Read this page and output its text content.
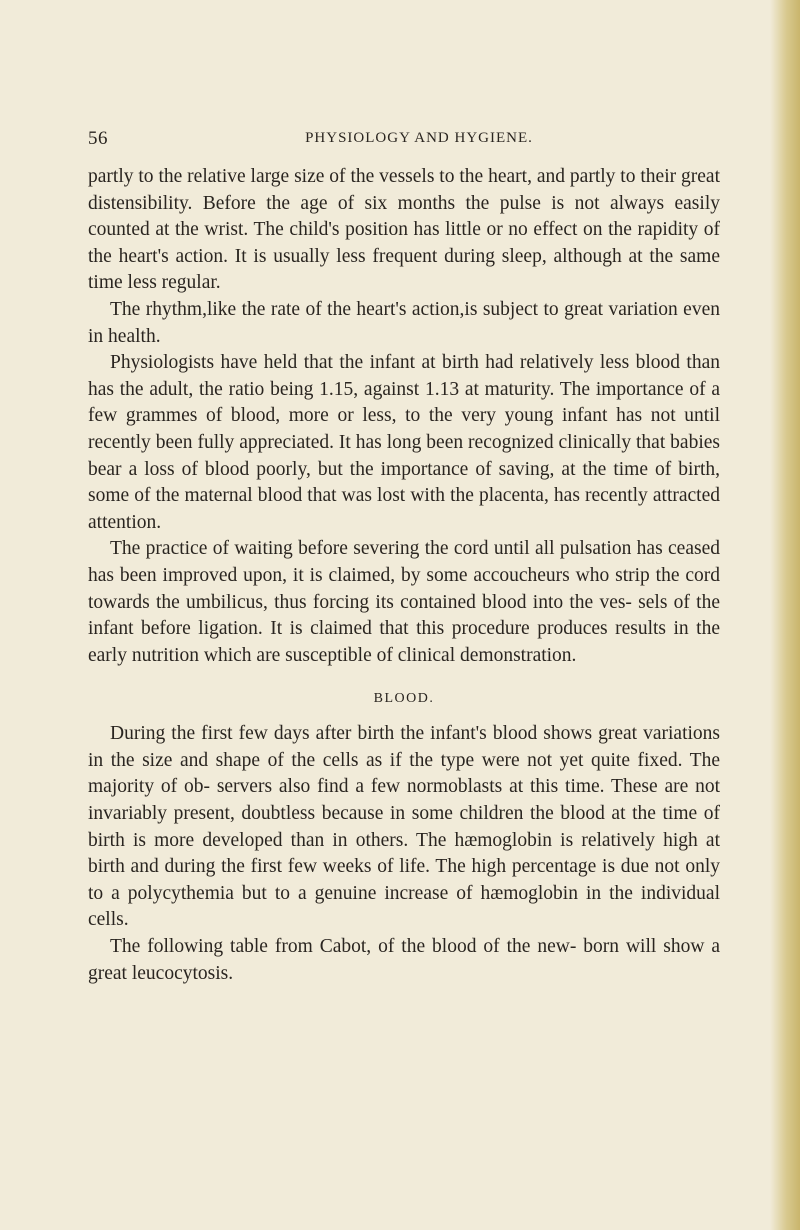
56	PHYSIOLOGY AND HYGIENE.

partly to the relative large size of the vessels to the heart, and partly to their great distensibility. Before the age of six months the pulse is not always easily counted at the wrist. The child's position has little or no effect on the rapidity of the heart's action. It is usually less frequent during sleep, although at the same time less regular.

The rhythm,like the rate of the heart's action,is subject to great variation even in health.

Physiologists have held that the infant at birth had relatively less blood than has the adult, the ratio being 1.15, against 1.13 at maturity. The importance of a few grammes of blood, more or less, to the very young infant has not until recently been fully appreciated. It has long been recognized clinically that babies bear a loss of blood poorly, but the importance of saving, at the time of birth, some of the maternal blood that was lost with the placenta, has recently attracted attention.

The practice of waiting before severing the cord until all pulsation has ceased has been improved upon, it is claimed, by some accoucheurs who strip the cord towards the umbilicus, thus forcing its contained blood into the ves- sels of the infant before ligation. It is claimed that this procedure produces results in the early nutrition which are susceptible of clinical demonstration.

BLOOD.

During the first few days after birth the infant's blood shows great variations in the size and shape of the cells as if the type were not yet quite fixed. The majority of ob- servers also find a few normoblasts at this time. These are not invariably present, doubtless because in some children the blood at the time of birth is more developed than in others. The hæmoglobin is relatively high at birth and during the first few weeks of life. The high percentage is due not only to a polycythemia but to a genuine increase of hæmoglobin in the individual cells.

The following table from Cabot, of the blood of the new- born will show a great leucocytosis.
